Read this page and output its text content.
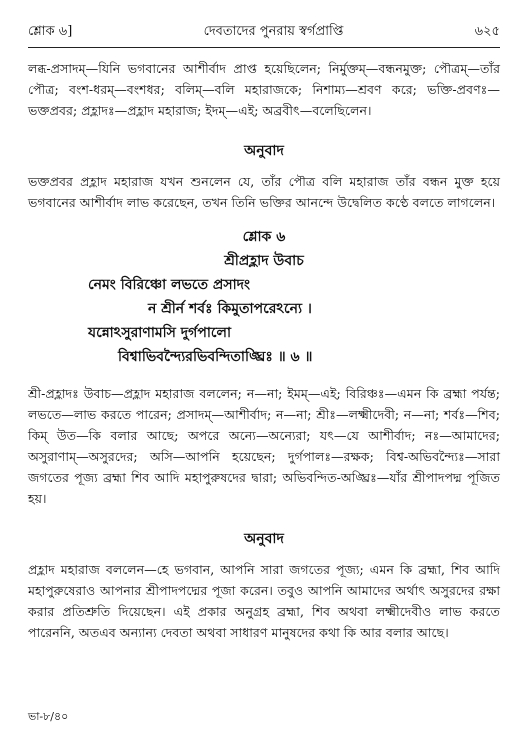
শ্লোক ৬]	দেবতাদের পুনরায় স্বর্গপ্রাপ্তি	৬২৫

লব্ধ-প্রসাদম্—যিনি ভগবানের আশীর্বাদ প্রাপ্ত হয়েছিলেন; নির্মুক্তম্—বন্ধনমুক্ত; পৌত্রম্—তাঁর পৌত্র; বংশ-ধরম্—বংশধর; বলিম্—বলি মহারাজকে; নিশাম্য—শ্রবণ করে; ভক্তি-প্রবণঃ—ভক্তপ্রবর; প্রহ্লাদঃ—প্রহ্লাদ মহারাজ; ইদম্—এই; অব্রবীৎ—বলেছিলেন।

অনুবাদ

ভক্তপ্রবর প্রহ্লাদ মহারাজ যখন শুনলেন যে, তাঁর পৌত্র বলি মহারাজ তাঁর বন্ধন মুক্ত হয়ে ভগবানের আশীর্বাদ লাভ করেছেন, তখন তিনি ভক্তির আনন্দে উদ্বেলিত কণ্ঠে বলতে লাগলেন।

শ্লোক ৬
শ্রীপ্রহ্লাদ উবাচ
নেমং বিরিঞ্চো লভতে প্রসাদং
ন শ্রীর্ন শর্বঃ কিমুতাপরেঽন্যে ।
যন্নোঽসুরাণামসি দুর্গপালো
বিশ্বাভিবন্দ্যৈরভিবন্দিতাঙ্ঘ্রিঃ ॥ ৬ ॥

শ্রী-প্রহ্লাদঃ উবাচ—প্রহ্লাদ মহারাজ বললেন; ন—না; ইমম্—এই; বিরিঞ্চঃ—এমন কি ব্রহ্মা পর্যন্ত; লভতে—লাভ করতে পারেন; প্রসাদম্—আশীর্বাদ; ন—না; শ্রীঃ—লক্ষ্মীদেবী; ন—না; শর্বঃ—শিব; কিম্ উত—কি বলার আছে; অপরে অন্যে—অন্যেরা; যৎ—যে আশীর্বাদ; নঃ—আমাদের; অসুরাণাম্—অসুরদের; অসি—আপনি হয়েছেন; দুর্গপালঃ—রক্ষক; বিশ্ব-অভিবন্দ্যৈঃ—সারা জগতের পূজ্য ব্রহ্মা শিব আদি মহাপুরুষদের দ্বারা; অভিবন্দিত-অঙ্ঘ্রিঃ—যাঁর শ্রীপাদপদ্ম পূজিত হয়।

অনুবাদ

প্রহ্লাদ মহারাজ বললেন—হে ভগবান, আপনি সারা জগতের পূজ্য; এমন কি ব্রহ্মা, শিব আদি মহাপুরুষেরাও আপনার শ্রীপাদপদ্মের পূজা করেন। তবুও আপনি আমাদের অর্থাৎ অসুরদের রক্ষা করার প্রতিশ্রুতি দিয়েছেন। এই প্রকার অনুগ্রহ ব্রহ্মা, শিব অথবা লক্ষ্মীদেবীও লাভ করতে পারেননি, অতএব অন্যান্য দেবতা অথবা সাধারণ মানুষদের কথা কি আর বলার আছে।

ভা-৮/৪০
